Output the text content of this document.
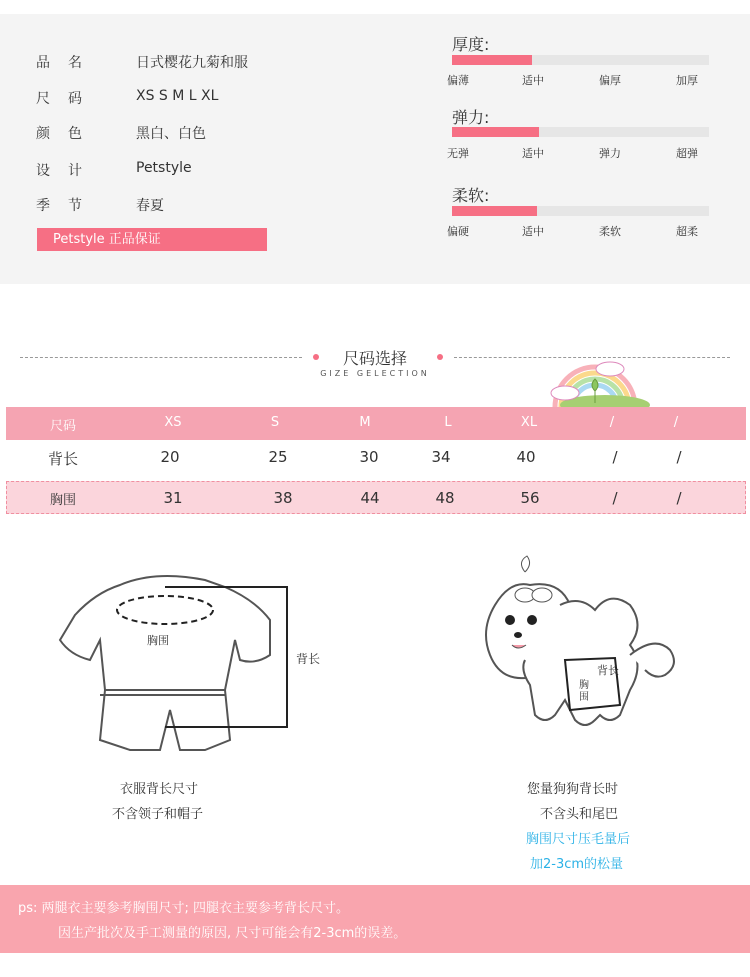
品名	日式樱花九菊和服
尺码	XS S M L XL
颜色	黑白、白色
设计	Petstyle
季节	春夏
Petstyle 正品保证
厚度:
偏薄	适中	偏厚	加厚
弹力:
无弹	适中	弹力	超弹
柔软:
偏硬	适中	柔软	超柔
尺码选择
GIZE GELECTION
尺码	XS	S	M	L	XL	/	/
背长	20	25	30	34	40	/	/
胸围	31	38	44	48	56	/	/
胸围
背长
衣服背长尺寸
不含领子和帽子
背长
胸围
您量狗狗背长时
不含头和尾巴
胸围尺寸压毛量后
加2-3cm的松量
ps: 两腿衣主要参考胸围尺寸; 四腿衣主要参考背长尺寸。
因生产批次及手工测量的原因, 尺寸可能会有2-3cm的误差。
